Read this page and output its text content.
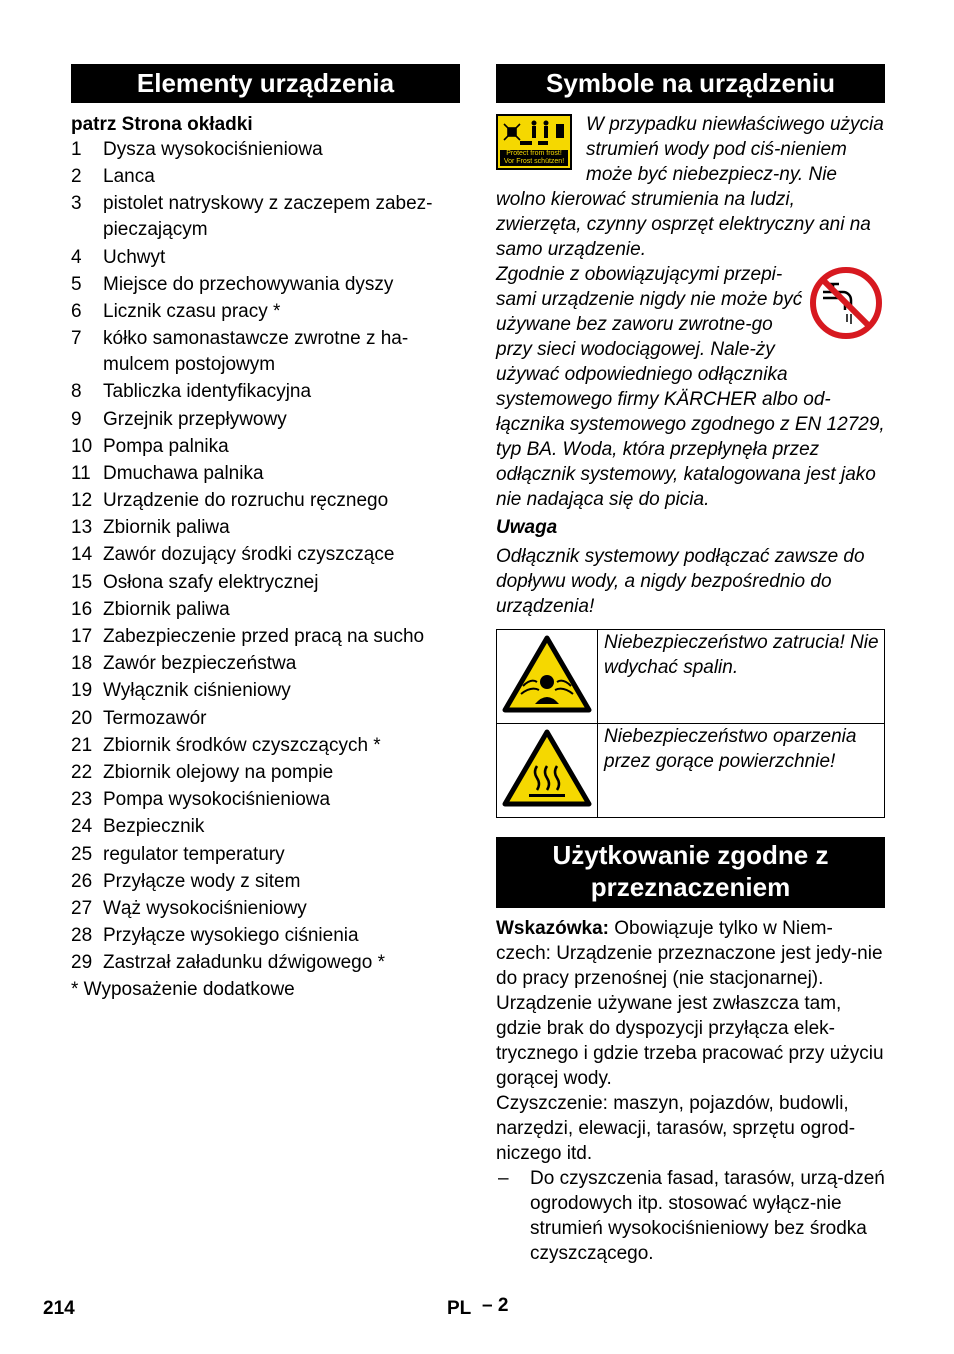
Elementy urządzenia
patrz Strona okładki
1	Dysza wysokociśnieniowa
2	Lanca
3	pistolet natryskowy z zaczepem zabez-pieczającym
4	Uchwyt
5	Miejsce do przechowywania dyszy
6	Licznik czasu pracy *
7	kółko samonastawcze zwrotne z ha-mulcem postojowym
8	Tabliczka identyfikacyjna
9	Grzejnik przepływowy
10 Pompa palnika
11 Dmuchawa palnika
12 Urządzenie do rozruchu ręcznego
13 Zbiornik paliwa
14 Zawór dozujący środki czyszczące
15 Osłona szafy elektrycznej
16 Zbiornik paliwa
17 Zabezpieczenie przed pracą na sucho
18 Zawór bezpieczeństwa
19 Wyłącznik ciśnieniowy
20 Termozawór
21 Zbiornik środków czyszczących *
22 Zbiornik olejowy na pompie
23 Pompa wysokociśnieniowa
24 Bezpiecznik
25 regulator temperatury
26 Przyłącze wody z sitem
27 Wąż wysokociśnieniowy
28 Przyłącze wysokiego ciśnienia
29 Zastrzał załadunku dźwigowego *
* Wyposażenie dodatkowe
Symbole na urządzeniu
Protect from frost!
Vor Frost schützen!
W przypadku niewłaściwego użycia strumień wody pod ciś-nieniem może być niebezpiecz-ny. Nie wolno kierować strumienia na ludzi, zwierzęta, czynny osprzęt elektryczny ani na samo urządzenie.
Zgodnie z obowiązującymi przepi-sami urządzenie nigdy nie może być używane bez zaworu zwrotne-go przy sieci wodociągowej. Nale-ży używać odpowiedniego odłącznika systemowego firmy KÄRCHER albo od-łącznika systemowego zgodnego z EN 12729, typ BA. Woda, która przepłynęła przez odłącznik systemowy, katalogowana jest jako nie nadająca się do picia.
Uwaga
Odłącznik systemowy podłączać zawsze do dopływu wody, a nigdy bezpośrednio do urządzenia!
	Niebezpieczeństwo zatrucia! Nie wdychać spalin.
	Niebezpieczeństwo oparzenia przez gorące powierzchnie!
Użytkowanie zgodne z przeznaczeniem
Wskazówka: Obowiązuje tylko w Niem-czech: Urządzenie przeznaczone jest jedy-nie do pracy przenośnej (nie stacjonarnej). Urządzenie używane jest zwłaszcza tam, gdzie brak do dyspozycji przyłącza elek-trycznego i gdzie trzeba pracować przy użyciu gorącej wody.
Czyszczenie: maszyn, pojazdów, budowli, narzędzi, elewacji, tarasów, sprzętu ogrod-niczego itd.
–	Do czyszczenia fasad, tarasów, urzą-dzeń ogrodowych itp. stosować wyłącz-nie strumień wysokociśnieniowy bez środka czyszczącego.
214	PL – 2
